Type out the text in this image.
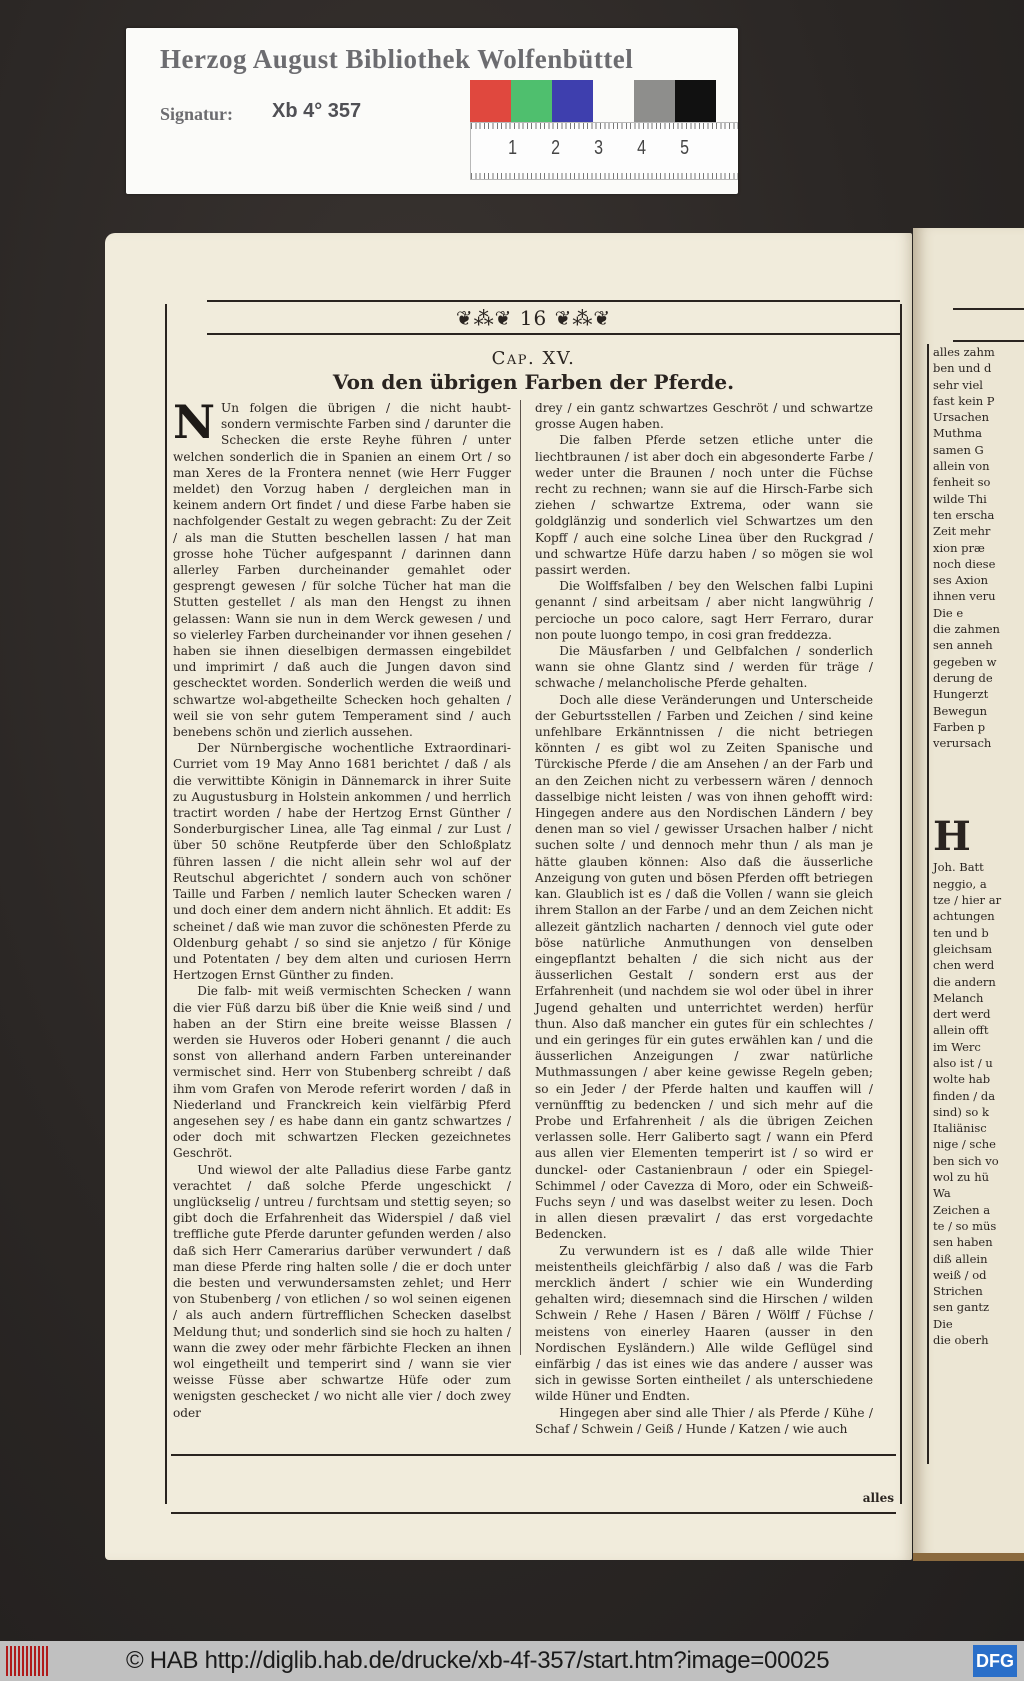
Herzog August Bibliothek Wolfenbüttel
Signatur: Xb 4° 357
1 2 3 4 5
❦⁂❦ 16 ❦⁂❦
Cap. XV.
Von den übrigen Farben der Pferde.

N Un folgen die übrigen / die nicht haubt- sondern vermischte Farben sind / darunter die Schecken die erste Reyhe führen / unter welchen sonderlich die in Spanien an einem Ort / so man Xeres de la Frontera nennet (wie Herr Fugger meldet) den Vorzug haben / dergleichen man in keinem andern Ort findet / und diese Farbe haben sie nachfolgender Gestalt zu wegen gebracht: Zu der Zeit / als man die Stutten beschellen lassen / hat man grosse hohe Tücher aufgespannt / darinnen dann allerley Farben durcheinander gemahlet oder gesprengt gewesen / für solche Tücher hat man die Stutten gestellet / als man den Hengst zu ihnen gelassen: Wann sie nun in dem Werck gewesen / und so vielerley Farben durcheinander vor ihnen gesehen / haben sie ihnen dieselbigen dermassen eingebildet und imprimirt / daß auch die Jungen davon sind geschecktet worden. Sonderlich werden die weiß und schwartze wol-abgetheilte Schecken hoch gehalten / weil sie von sehr gutem Temperament sind / auch benebens schön und zierlich aussehen.

Der Nürnbergische wochentliche Extraordinari-Curriet vom 19 May Anno 1681 berichtet / daß / als die verwittibte Königin in Dännemarck in ihrer Suite zu Augustusburg in Holstein ankommen / und herrlich tractirt worden / habe der Hertzog Ernst Günther / Sonderburgischer Linea, alle Tag einmal / zur Lust / über 50 schöne Reutpferde über den Schloßplatz führen lassen / die nicht allein sehr wol auf der Reutschul abgerichtet / sondern auch von schöner Taille und Farben / nemlich lauter Schecken waren / und doch einer dem andern nicht ähnlich. Et addit: Es scheinet / daß wie man zuvor die schönesten Pferde zu Oldenburg gehabt / so sind sie anjetzo / für Könige und Potentaten / bey dem alten und curiosen Herrn Hertzogen Ernst Günther zu finden.

Die falb- mit weiß vermischten Schecken / wann die vier Füß darzu biß über die Knie weiß sind / und haben an der Stirn eine breite weisse Blassen / werden sie Huveros oder Hoberi genannt / die auch sonst von allerhand andern Farben untereinander vermischet sind. Herr von Stubenberg schreibt / daß ihm vom Grafen von Merode referirt worden / daß in Niederland und Franckreich kein vielfärbig Pferd angesehen sey / es habe dann ein gantz schwartzes / oder doch mit schwartzen Flecken gezeichnetes Geschröt.

Und wiewol der alte Palladius diese Farbe gantz verachtet / daß solche Pferde ungeschickt / unglückselig / untreu / furchtsam und stettig seyen; so gibt doch die Erfahrenheit das Widerspiel / daß viel treffliche gute Pferde darunter gefunden werden / also daß sich Herr Camerarius darüber verwundert / daß man diese Pferde ring halten solle / die er doch unter die besten und verwundersamsten zehlet; und Herr von Stubenberg / von etlichen / so wol seinen eigenen / als auch andern fürtrefflichen Schecken daselbst Meldung thut; und sonderlich sind sie hoch zu halten / wann die zwey oder mehr färbichte Flecken an ihnen wol eingetheilt und temperirt sind / wann sie vier weisse Füsse aber schwartze Hüfe oder zum wenigsten geschecket / wo nicht alle vier / doch zwey oder

drey / ein gantz schwartzes Geschröt / und schwartze grosse Augen haben.

Die falben Pferde setzen etliche unter die liechtbraunen / ist aber doch ein abgesonderte Farbe / weder unter die Braunen / noch unter die Füchse recht zu rechnen; wann sie auf die Hirsch-Farbe sich ziehen / schwartze Extrema, oder wann sie goldglänzig und sonderlich viel Schwartzes um den Kopff / auch eine solche Linea über den Ruckgrad / und schwartze Hüfe darzu haben / so mögen sie wol passirt werden.

Die Wolffsfalben / bey den Welschen falbi Lupini genannt / sind arbeitsam / aber nicht langwührig / percioche un poco calore, sagt Herr Ferraro, durar non poute luongo tempo, in cosi gran freddezza.

Die Mäusfarben / und Gelbfalchen / sonderlich wann sie ohne Glantz sind / werden für träge / schwache / melancholische Pferde gehalten.

Doch alle diese Veränderungen und Unterscheide der Geburtsstellen / Farben und Zeichen / sind keine unfehlbare Erkänntnissen / die nicht betriegen könnten / es gibt wol zu Zeiten Spanische und Türckische Pferde / die am Ansehen / an der Farb und an den Zeichen nicht zu verbessern wären / dennoch dasselbige nicht leisten / was von ihnen gehofft wird: Hingegen andere aus den Nordischen Ländern / bey denen man so viel / gewisser Ursachen halber / nicht suchen solte / und dennoch mehr thun / als man je hätte glauben können: Also daß die äusserliche Anzeigung von guten und bösen Pferden offt betriegen kan. Glaublich ist es / daß die Vollen / wann sie gleich ihrem Stallon an der Farbe / und an dem Zeichen nicht allezeit gäntzlich nacharten / dennoch viel gute oder böse natürliche Anmuthungen von denselben eingepflantzt behalten / die sich nicht aus der äusserlichen Gestalt / sondern erst aus der Erfahrenheit (und nachdem sie wol oder übel in ihrer Jugend gehalten und unterrichtet werden) herfür thun. Also daß mancher ein gutes für ein schlechtes / und ein geringes für ein gutes erwählen kan / und die äusserlichen Anzeigungen / zwar natürliche Muthmassungen / aber keine gewisse Regeln geben; so ein Jeder / der Pferde halten und kauffen will / vernünfftig zu bedencken / und sich mehr auf die Probe und Erfahrenheit / als die übrigen Zeichen verlassen solle. Herr Galiberto sagt / wann ein Pferd aus allen vier Elementen temperirt ist / so wird er dunckel- oder Castanienbraun / oder ein Spiegel-Schimmel / oder Cavezza di Moro, oder ein Schweiß-Fuchs seyn / und was daselbst weiter zu lesen. Doch in allen diesen prævalirt / das erst vorgedachte Bedencken.

Zu verwundern ist es / daß alle wilde Thier meistentheils gleichfärbig / also daß / was die Farb mercklich ändert / schier wie ein Wunderding gehalten wird; diesemnach sind die Hirschen / wilden Schwein / Rehe / Hasen / Bären / Wölff / Füchse / meistens von einerley Haaren (ausser in den Nordischen Eysländern.) Alle wilde Geflügel sind einfärbig / das ist eines wie das andere / ausser was sich in gewisse Sorten eintheilet / als unterschiedene wilde Hüner und Endten.

Hingegen aber sind alle Thier / als Pferde / Kühe / Schaf / Schwein / Geiß / Hunde / Katzen / wie auch

alles
alles zahm
ben und d
sehr viel
fast kein P
Ursachen
Muthma
samen G
allein von
fenheit so
wilde Thi
ten erscha
Zeit mehr
xion præ
noch diese
ses Axion
ihnen veru
Die e
die zahmen
sen anneh
gegeben w
derung de
Hungerzt
Bewegun
Farben p
verursach
H
Joh. Batt
neggio, a
tze / hier ar
achtungen
ten und b
gleichsam
chen werd
die andern
Melanch
dert werd
allein offt
im Werc
also ist / u
wolte hab
finden / da
sind) so k
Italiänisc
nige / sche
ben sich vo
wol zu hü
Wa
Zeichen a
te / so müs
sen haben
diß allein
weiß / od
Strichen
sen gantz
Die
die oberh
© HAB http://diglib.hab.de/drucke/xb-4f-357/start.htm?image=00025	DFG
